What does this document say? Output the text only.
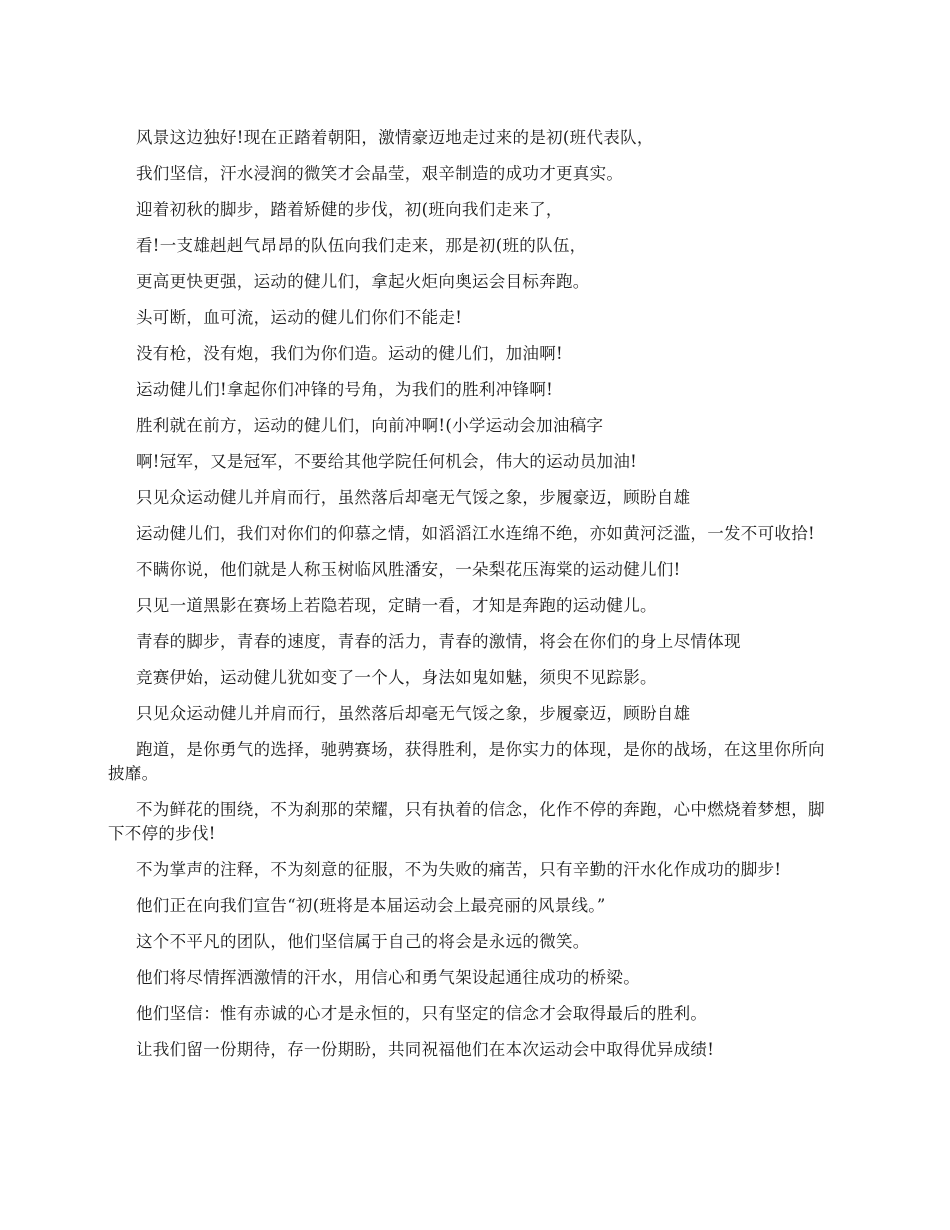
风景这边独好!现在正踏着朝阳，激情豪迈地走过来的是初(班代表队，

我们坚信，汗水浸润的微笑才会晶莹，艰辛制造的成功才更真实。

迎着初秋的脚步，踏着矫健的步伐，初(班向我们走来了，

看!一支雄赳赳气昂昂的队伍向我们走来，那是初(班的队伍，

更高更快更强，运动的健儿们，拿起火炬向奥运会目标奔跑。

头可断，血可流，运动的健儿们你们不能走!

没有枪，没有炮，我们为你们造。运动的健儿们，加油啊!

运动健儿们!拿起你们冲锋的号角，为我们的胜利冲锋啊!

胜利就在前方，运动的健儿们，向前冲啊!(小学运动会加油稿字

啊!冠军，又是冠军，不要给其他学院任何机会，伟大的运动员加油!

只见众运动健儿并肩而行，虽然落后却毫无气馁之象，步履豪迈，顾盼自雄

运动健儿们，我们对你们的仰慕之情，如滔滔江水连绵不绝，亦如黄河泛滥，一发不可收拾!

不瞒你说，他们就是人称玉树临风胜潘安，一朵梨花压海棠的运动健儿们!

只见一道黑影在赛场上若隐若现，定睛一看，才知是奔跑的运动健儿。

青春的脚步，青春的速度，青春的活力，青春的激情，将会在你们的身上尽情体现

竞赛伊始，运动健儿犹如变了一个人，身法如鬼如魅，须臾不见踪影。

只见众运动健儿并肩而行，虽然落后却毫无气馁之象，步履豪迈，顾盼自雄

跑道，是你勇气的选择，驰骋赛场，获得胜利，是你实力的体现，是你的战场，在这里你所向披靡。

不为鲜花的围绕，不为刹那的荣耀，只有执着的信念，化作不停的奔跑，心中燃烧着梦想，脚下不停的步伐!

不为掌声的注释，不为刻意的征服，不为失败的痛苦，只有辛勤的汗水化作成功的脚步!

他们正在向我们宣告“初(班将是本届运动会上最亮丽的风景线。”

这个不平凡的团队，他们坚信属于自己的将会是永远的微笑。

他们将尽情挥洒激情的汗水，用信心和勇气架设起通往成功的桥梁。

他们坚信：惟有赤诚的心才是永恒的，只有坚定的信念才会取得最后的胜利。

让我们留一份期待，存一份期盼，共同祝福他们在本次运动会中取得优异成绩!
